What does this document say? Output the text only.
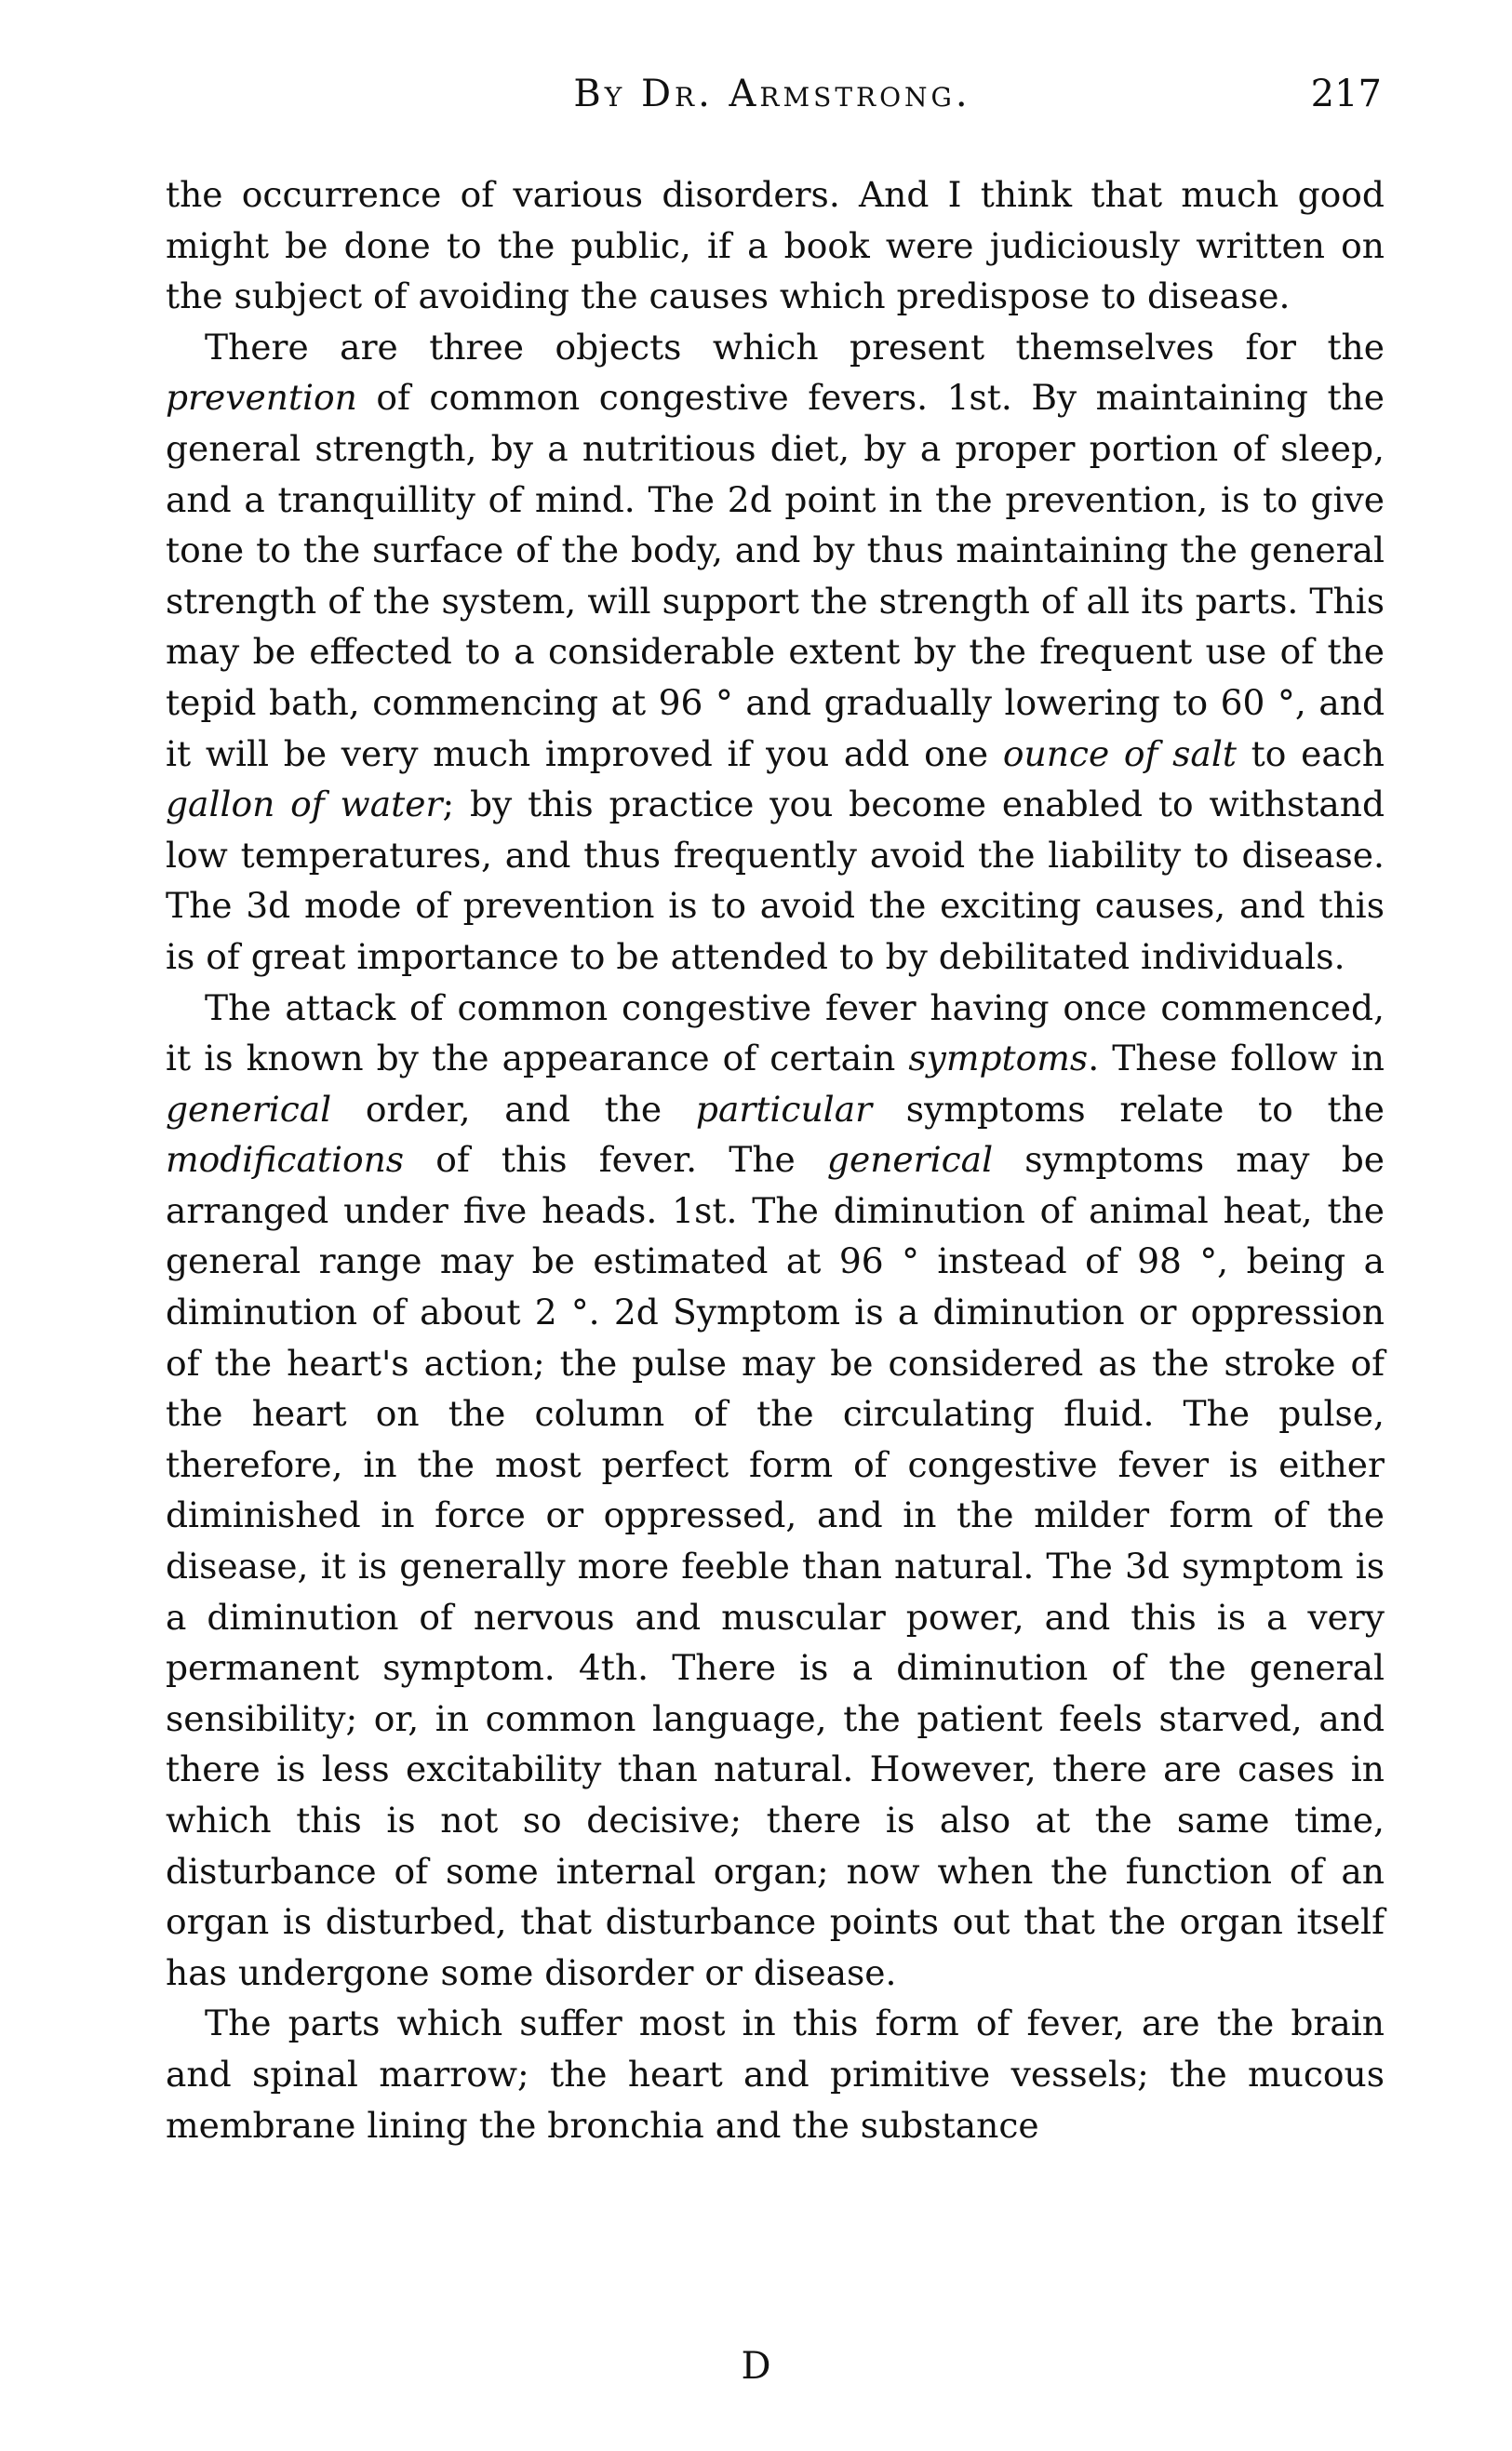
By Dr. Armstrong.	217

the occurrence of various disorders. And I think that much good might be done to the public, if a book were judiciously written on the subject of avoiding the causes which predispose to disease.

There are three objects which present themselves for the prevention of common congestive fevers. 1st. By maintaining the general strength, by a nutritious diet, by a proper portion of sleep, and a tranquillity of mind. The 2d point in the prevention, is to give tone to the surface of the body, and by thus maintaining the general strength of the system, will support the strength of all its parts. This may be effected to a considerable extent by the frequent use of the tepid bath, commencing at 96 ° and gradually lowering to 60 °, and it will be very much improved if you add one ounce of salt to each gallon of water; by this practice you become enabled to withstand low temperatures, and thus frequently avoid the liability to disease. The 3d mode of prevention is to avoid the exciting causes, and this is of great importance to be attended to by debilitated individuals.

The attack of common congestive fever having once commenced, it is known by the appearance of certain symptoms. These follow in generical order, and the particular symptoms relate to the modifications of this fever. The generical symptoms may be arranged under five heads. 1st. The diminution of animal heat, the general range may be estimated at 96 ° instead of 98 °, being a diminution of about 2 °. 2d Symptom is a diminution or oppression of the heart's action; the pulse may be considered as the stroke of the heart on the column of the circulating fluid. The pulse, therefore, in the most perfect form of congestive fever is either diminished in force or oppressed, and in the milder form of the disease, it is generally more feeble than natural. The 3d symptom is a diminution of nervous and muscular power, and this is a very permanent symptom. 4th. There is a diminution of the general sensibility; or, in common language, the patient feels starved, and there is less excitability than natural. However, there are cases in which this is not so decisive; there is also at the same time, disturbance of some internal organ; now when the function of an organ is disturbed, that disturbance points out that the organ itself has undergone some disorder or disease.

The parts which suffer most in this form of fever, are the brain and spinal marrow; the heart and primitive vessels; the mucous membrane lining the bronchia and the substance

D
